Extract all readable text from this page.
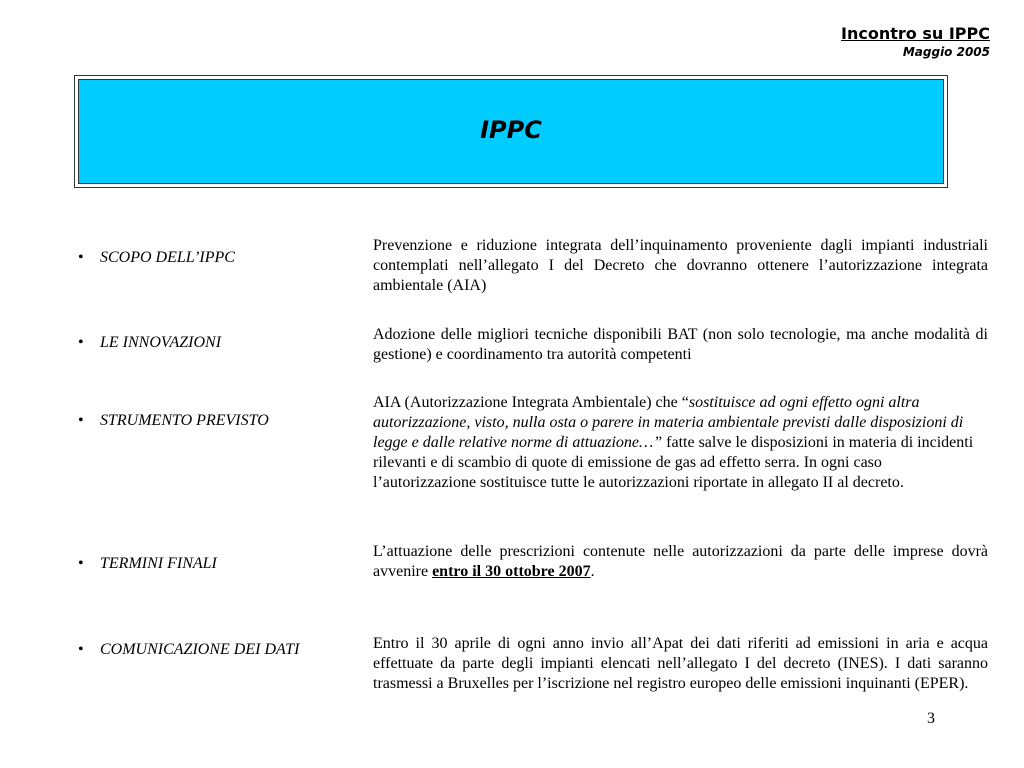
Incontro su IPPC
Maggio 2005
IPPC
• SCOPO DELL’IPPC
Prevenzione e riduzione integrata dell’inquinamento proveniente dagli impianti industriali contemplati nell’allegato I del Decreto che dovranno ottenere l’autorizzazione integrata ambientale (AIA)
• LE INNOVAZIONI	Adozione delle migliori tecniche disponibili BAT (non solo tecnologie, ma anche modalità di gestione) e coordinamento tra autorità competenti
• STRUMENTO PREVISTO
AIA (Autorizzazione Integrata Ambientale) che “sostituisce ad ogni effetto ogni altra autorizzazione, visto, nulla osta o parere in materia ambientale previsti dalle disposizioni di legge e dalle relative norme di attuazione…” fatte salve le disposizioni in materia di incidenti rilevanti e di scambio di quote di emissione de gas ad effetto serra. In ogni caso l’autorizzazione sostituisce tutte le autorizzazioni riportate in allegato II al decreto.
• TERMINI FINALI
L’attuazione delle prescrizioni contenute nelle autorizzazioni da parte delle imprese dovrà avvenire entro il 30 ottobre 2007.
• COMUNICAZIONE DEI DATI	Entro il 30 aprile di ogni anno invio all’Apat dei dati riferiti ad emissioni in aria e acqua effettuate da parte degli impianti elencati nell’allegato I del decreto (INES). I dati saranno trasmessi a Bruxelles per l’iscrizione nel registro europeo delle emissioni inquinanti (EPER).
3
